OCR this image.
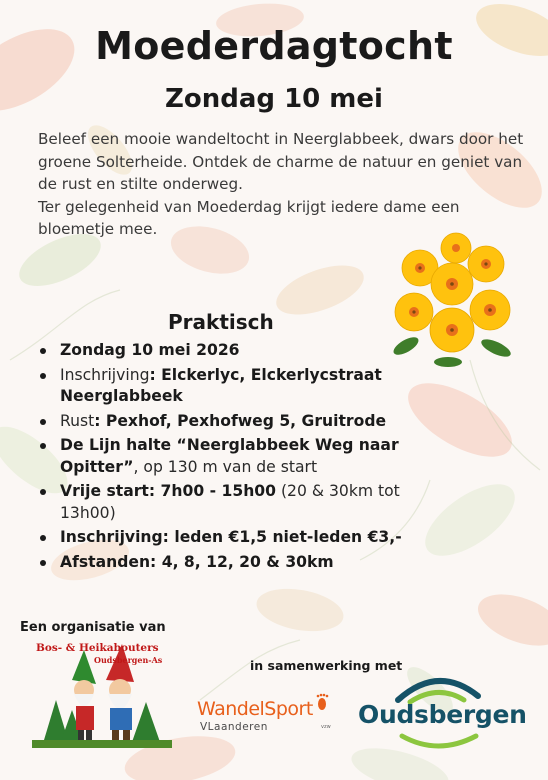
Moederdagtocht
Zondag 10 mei

Beleef een mooie wandeltocht in Neerglabbeek, dwars door het groene Solterheide. Ontdek de charme de natuur en geniet van de rust en stilte onderweg.

Ter gelegenheid van Moederdag krijgt iedere dame een bloemetje mee.

Praktisch
Zondag 10 mei 2026
Inschrijving: Elckerlyc, Elckerlycstraat Neerglabbeek
Rust: Pexhof, Pexhofweg 5, Gruitrode
De Lijn halte “Neerglabbeek Weg naar Opitter”, op 130 m van de start
Vrije start: 7h00 - 15h00 (20 & 30km tot 13h00)
Inschrijving: leden €1,5 niet-leden €3,-
Afstanden: 4, 8, 12, 20 & 30km
Een organisatie van
in samenwerking met
Bos- & Heikabouters
Oudsbergen-As
WandelSport
VLaanderen	vzw Oudsbergen
